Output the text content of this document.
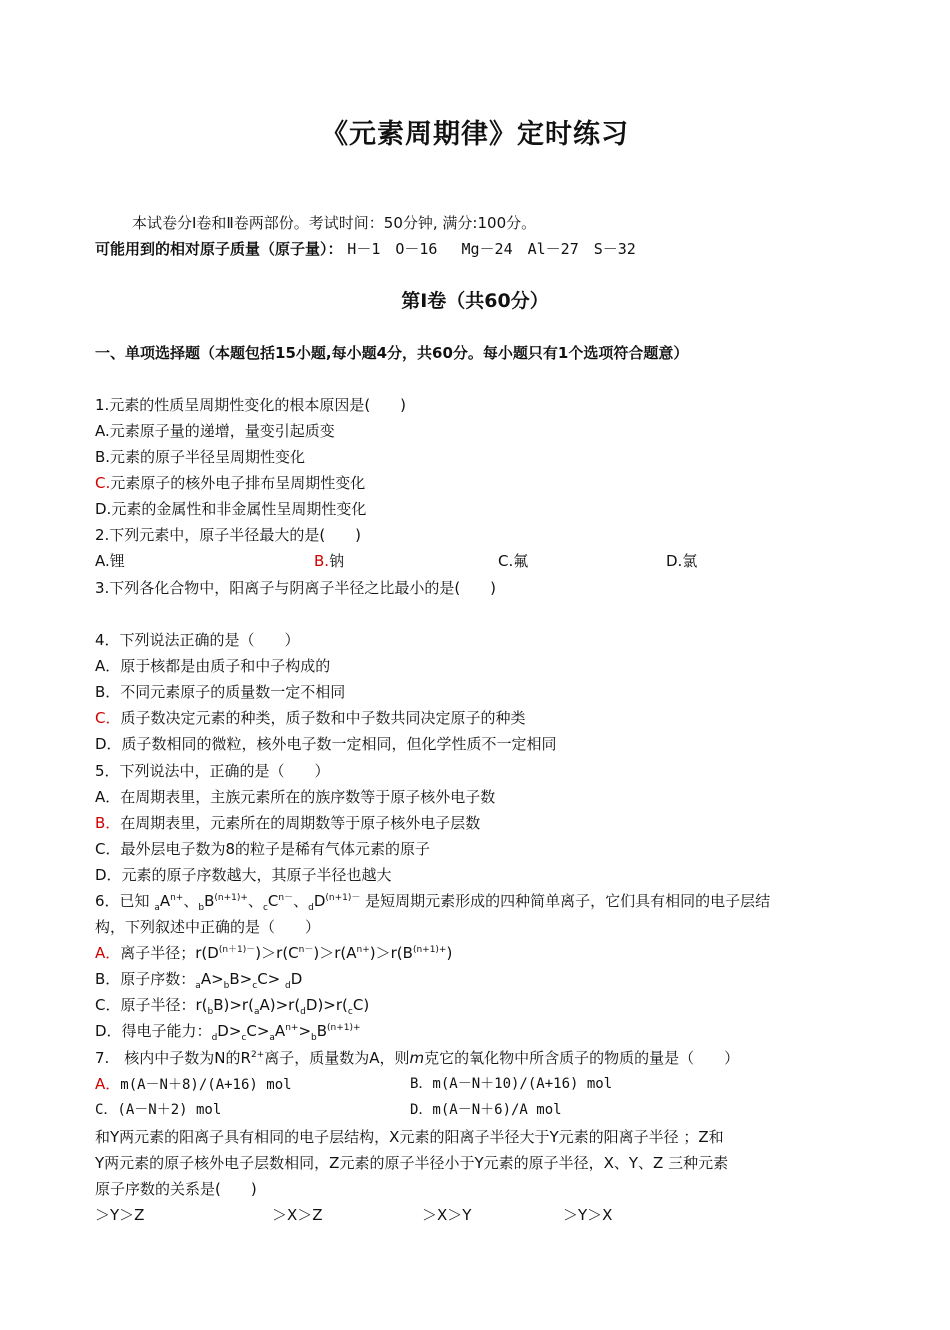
《元素周期律》定时练习
本试卷分Ⅰ卷和Ⅱ卷两部份。考试时间：50分钟, 满分:100分。
可能用到的相对原子质量（原子量）： H－1　O－16　 Mg－24　Al－27　S－32
第Ⅰ卷（共60分）
一、单项选择题（本题包括15小题,每小题4分，共60分。每小题只有1个选项符合题意）
1.元素的性质呈周期性变化的根本原因是(　　)
A.元素原子量的递增，量变引起质变
B.元素的原子半径呈周期性变化
C.元素原子的核外电子排布呈周期性变化
D.元素的金属性和非金属性呈周期性变化
2.下列元素中，原子半径最大的是(　　)
A.锂	B.钠	C.氟	D.氯
3.下列各化合物中，阳离子与阴离子半径之比最小的是(　　)
4．下列说法正确的是（　　）
A．原于核都是由质子和中子构成的
B．不同元素原子的质量数一定不相同
C．质子数决定元素的种类，质子数和中子数共同决定原子的种类
D．质子数相同的微粒，核外电子数一定相同，但化学性质不一定相同
5．下列说法中，正确的是（　　）
A．在周期表里，主族元素所在的族序数等于原子核外电子数
B．在周期表里，元素所在的周期数等于原子核外电子层数
C．最外层电子数为8的粒子是稀有气体元素的原子
D．元素的原子序数越大，其原子半径也越大
6．已知 $_aA^{n+}$、$_bB^{(n+1)+}$、$_cC^{n-}$、$_dD^{(n+1)-}$ 是短周期元素形成的四种简单离子，它们具有相同的电子层结
构，下列叙述中正确的是（　　）
A．离子半径；$r(D^{(n+1)-})>r(C^{n-})>r(A^{n+})>r(B^{(n+1)+})$
B．原子序数：$_aA>_bB>_cC> _dD$
C．原子半径：$r(_bB)>r(_aA)>r(_dD)>r(_cC)$
D．得电子能力：$_dD>_cC>_aA^{n+}>_bB^{(n+1)+}$
7.　核内中子数为N的$R^{2+}$离子，质量数为A，则m克它的氧化物中所含质子的物质的量是（　　）
A．m(A－N＋8)/(A+16) mol	B．m(A－N＋10)/(A+16) mol
C．(A－N＋2) mol	D．m(A－N＋6)/A mol
和Y两元素的阳离子具有相同的电子层结构，X元素的阳离子半径大于Y元素的阳离子半径 ；Z和
Y两元素的原子核外电子层数相同，Z元素的原子半径小于Y元素的原子半径，X、Y、Z 三种元素
原子序数的关系是(　　)
＞Y＞Z	＞X＞Z	＞X＞Y	＞Y＞X
